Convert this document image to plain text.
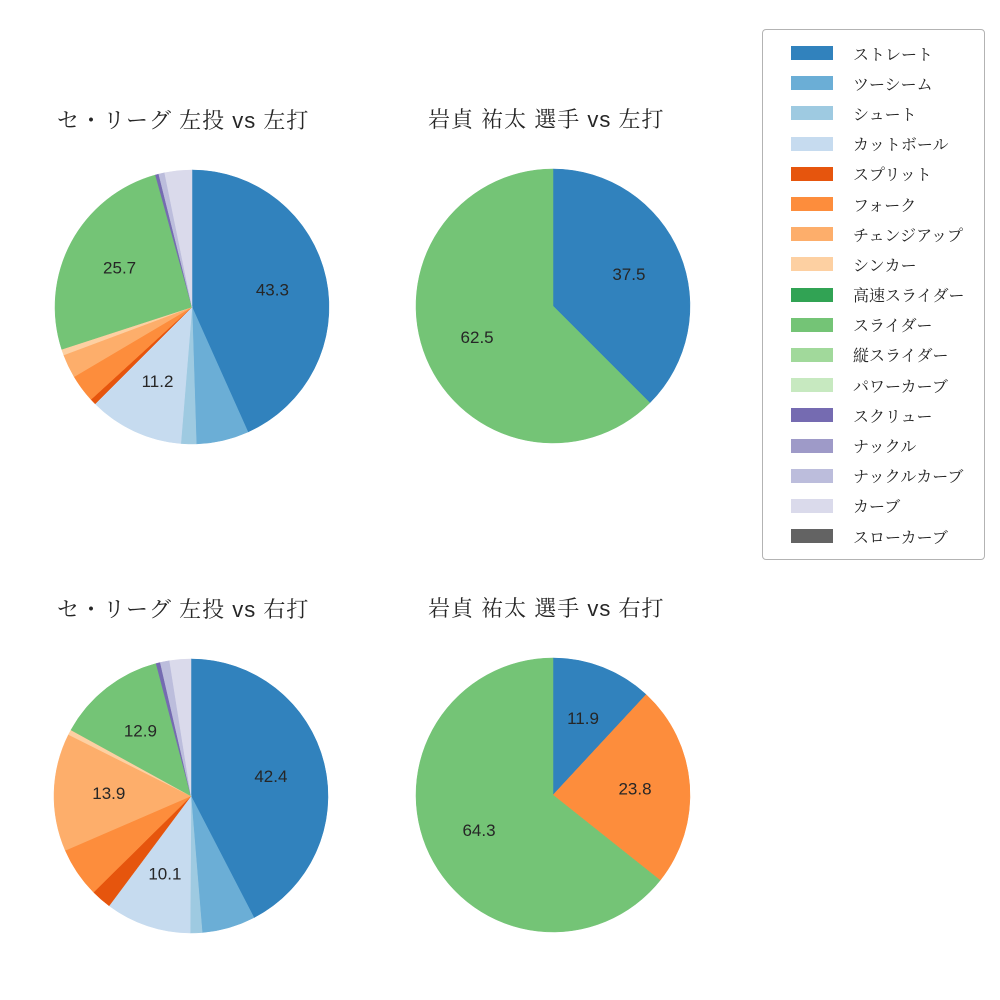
セ・リーグ 左投 vs 左打	岩貞 祐太 選手 vs 左打
セ・リーグ 左投 vs 右打	岩貞 祐太 選手 vs 右打
43.3
11.2
25.7	37.5
62.5
42.4
10.1
13.9
12.9
11.9
23.8
64.3
ストレート
ツーシーム
シュート
カットボール
スプリット
フォーク
チェンジアップ
シンカー
高速スライダー
スライダー
縦スライダー
パワーカーブ
スクリュー
ナックル
ナックルカーブ
カーブ
スローカーブ
